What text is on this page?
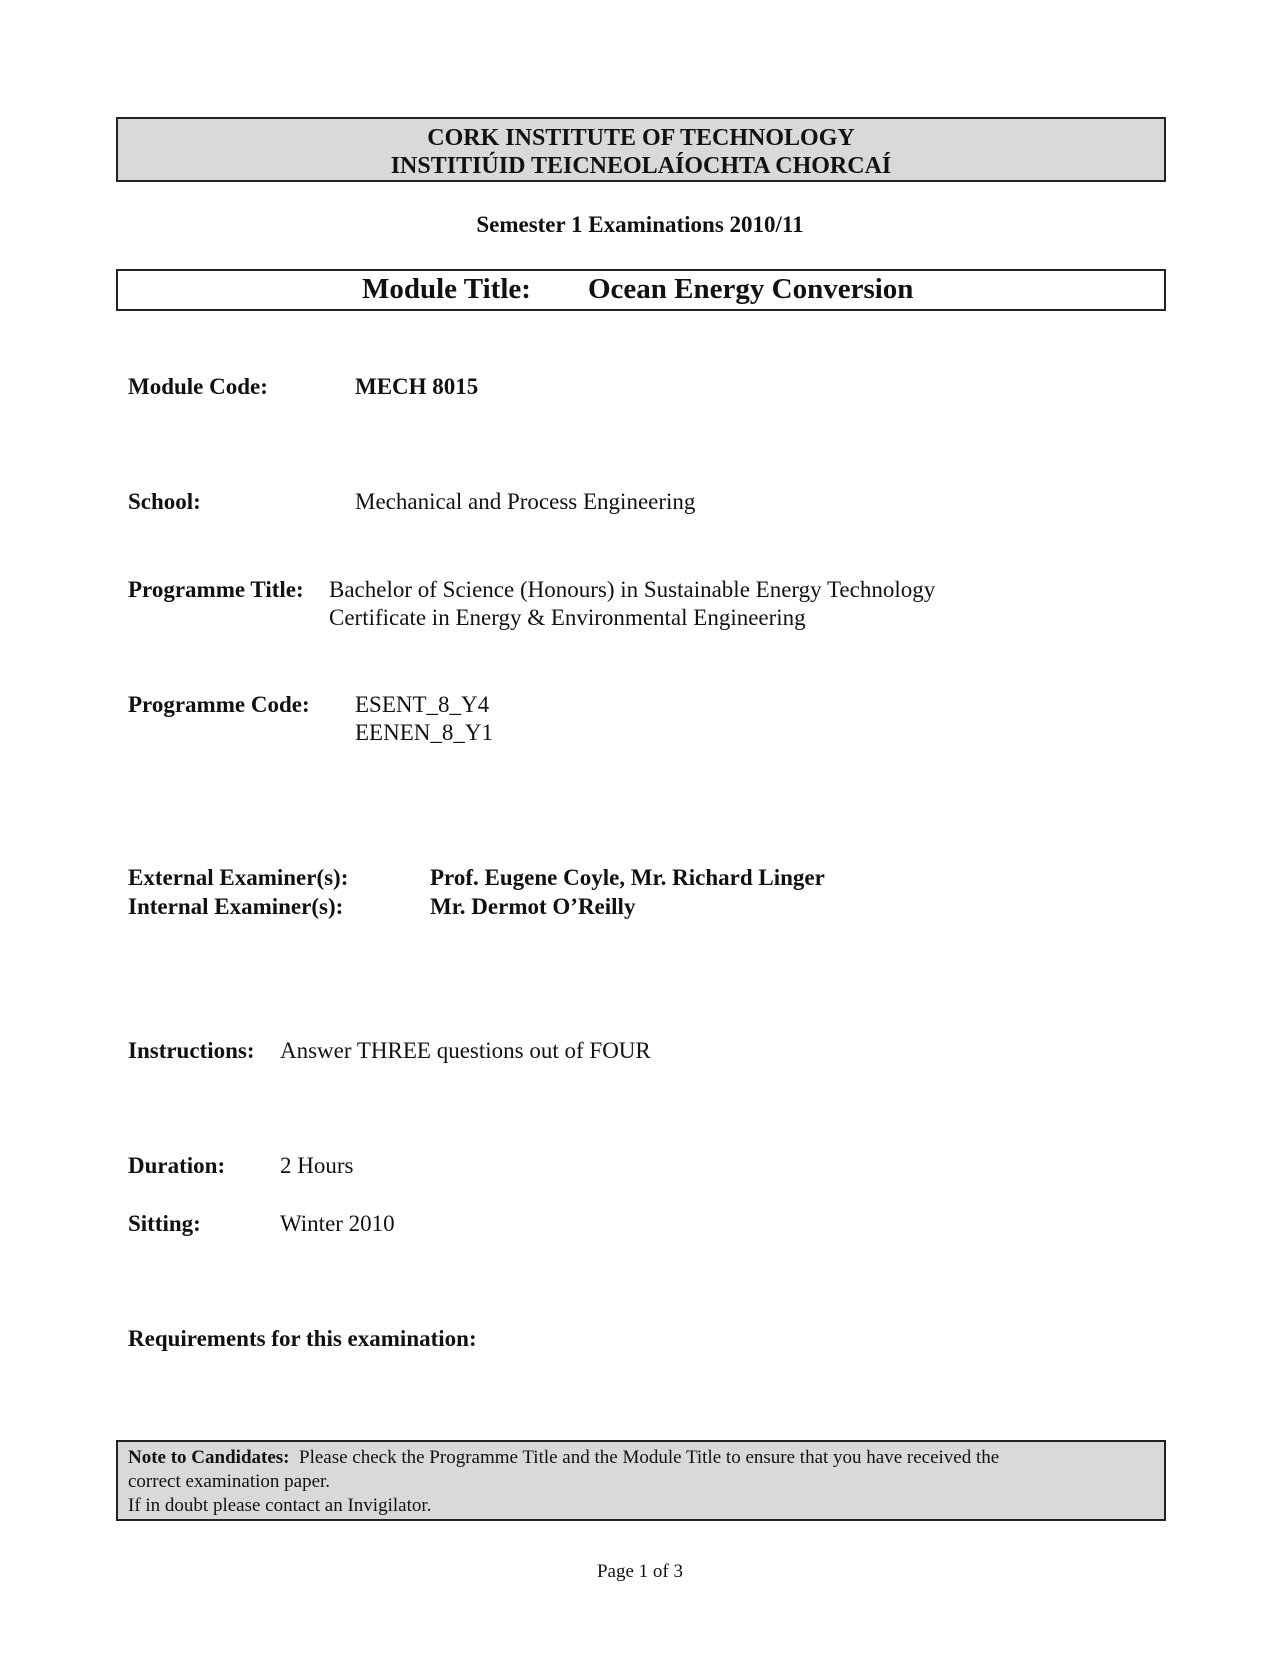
CORK INSTITUTE OF TECHNOLOGY
INSTITIÚID TEICNEOLAÍOCHTA CHORCAÍ
Semester 1 Examinations 2010/11
Module Title: Ocean Energy Conversion
Module Code:	MECH 8015
School:	Mechanical and Process Engineering
Programme Title: Bachelor of Science (Honours) in Sustainable Energy Technology
Certificate in Energy & Environmental Engineering
Programme Code: ESENT_8_Y4
EENEN_8_Y1
External Examiner(s):	Prof. Eugene Coyle, Mr. Richard Linger
Internal Examiner(s):	Mr. Dermot O’Reilly
Instructions: Answer THREE questions out of FOUR
Duration: 2 Hours
Sitting:	Winter 2010
Requirements for this examination:
Note to Candidates: Please check the Programme Title and the Module Title to ensure that you have received the
correct examination paper.
If in doubt please contact an Invigilator.
Page 1 of 3
